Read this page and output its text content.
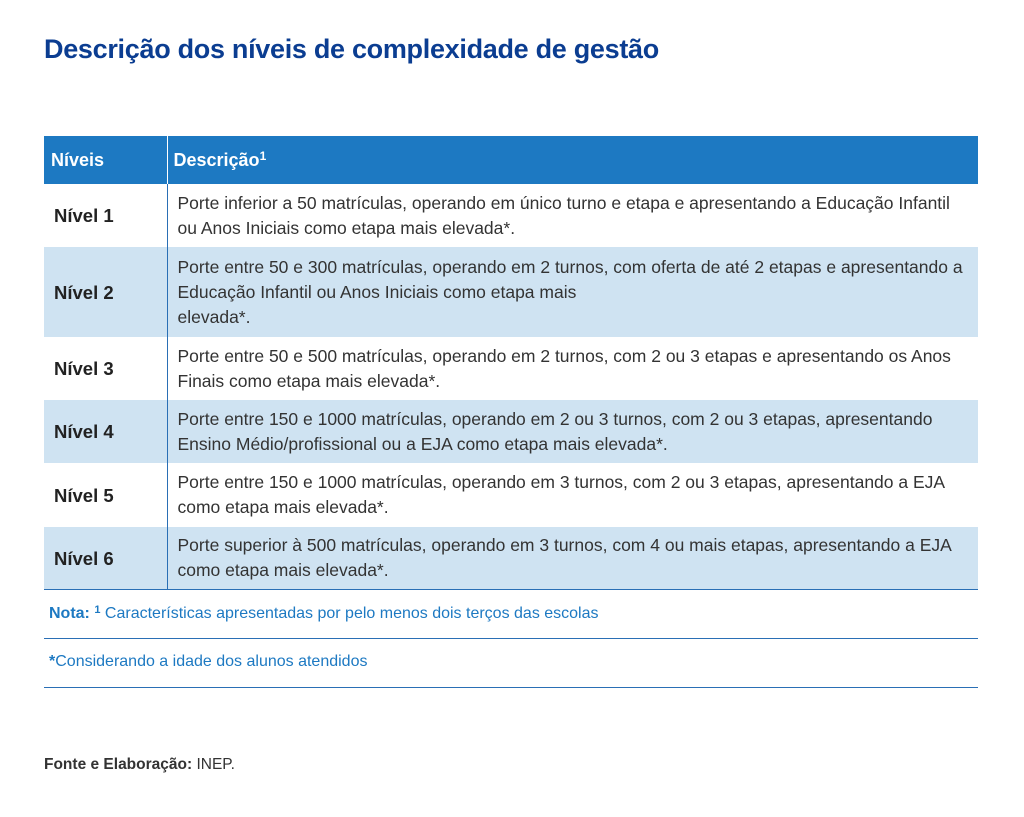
Descrição dos níveis de complexidade de gestão
Níveis	Descrição$^1$
Nível 1	Porte inferior a 50 matrículas, operando em único turno e etapa e apresentando a Educação Infantil ou Anos Iniciais como etapa mais elevada*.
Nível 2	Porte entre 50 e 300 matrículas, operando em 2 turnos, com oferta de até 2 etapas e apresentando a Educação Infantil ou Anos Iniciais como etapa mais
elevada*.
Nível 3	Porte entre 50 e 500 matrículas, operando em 2 turnos, com 2 ou 3 etapas e apresentando os Anos Finais como etapa mais elevada*.
Nível 4	Porte entre 150 e 1000 matrículas, operando em 2 ou 3 turnos, com 2 ou 3 etapas, apresentando Ensino Médio/profissional ou a EJA como etapa mais elevada*.
Nível 5	Porte entre 150 e 1000 matrículas, operando em 3 turnos, com 2 ou 3 etapas, apresentando a EJA como etapa mais elevada*.
Nível 6	Porte superior à 500 matrículas, operando em 3 turnos, com 4 ou mais etapas, apresentando a EJA como etapa mais elevada*.
Nota: $^1$ Características apresentadas por pelo menos dois terços das escolas
*Considerando a idade dos alunos atendidos
Fonte e Elaboração: INEP.
